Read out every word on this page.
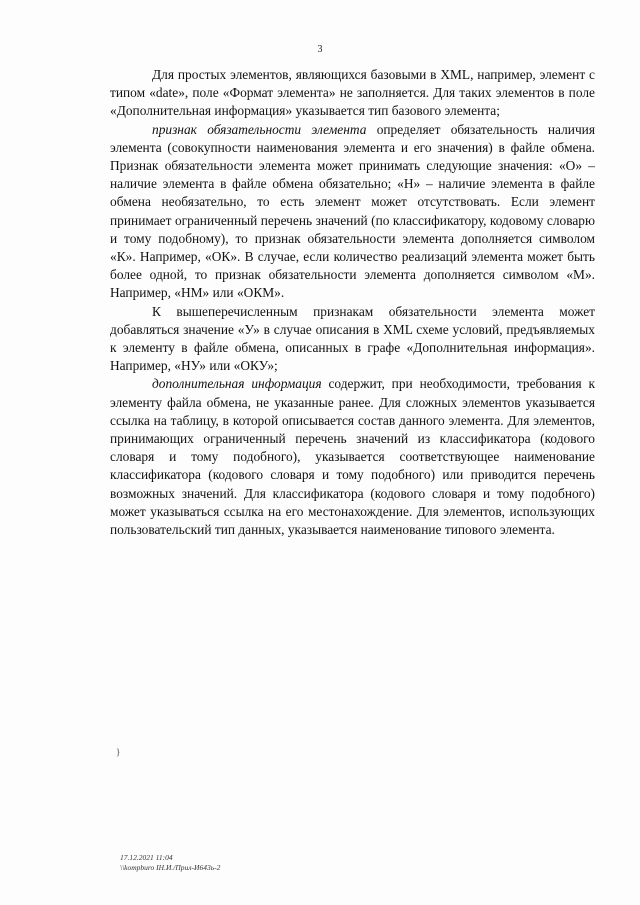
3

Для простых элементов, являющихся базовыми в XML, например, элемент с типом «date», поле «Формат элемента» не заполняется. Для таких элементов в поле «Дополнительная информация» указывается тип базового элемента;

признак обязательности элемента определяет обязательность наличия элемента (совокупности наименования элемента и его значения) в файле обмена. Признак обязательности элемента может принимать следующие значения: «О» – наличие элемента в файле обмена обязательно; «Н» – наличие элемента в файле обмена необязательно, то есть элемент может отсутствовать. Если элемент принимает ограниченный перечень значений (по классификатору, кодовому словарю и тому подобному), то признак обязательности элемента дополняется символом «К». Например, «ОК». В случае, если количество реализаций элемента может быть более одной, то признак обязательности элемента дополняется символом «М». Например, «НМ» или «ОКМ».

К вышеперечисленным признакам обязательности элемента может добавляться значение «У» в случае описания в XML схеме условий, предъявляемых к элементу в файле обмена, описанных в графе «Дополнительная информация». Например, «НУ» или «ОКУ»;

дополнительная информация содержит, при необходимости, требования к элементу файла обмена, не указанные ранее. Для сложных элементов указывается ссылка на таблицу, в которой описывается состав данного элемента. Для элементов, принимающих ограниченный перечень значений из классификатора (кодового словаря и тому подобного), указывается соответствующее наименование классификатора (кодового словаря и тому подобного) или приводится перечень возможных значений. Для классификатора (кодового словаря и тому подобного) может указываться ссылка на его местонахождение. Для элементов, использующих пользовательский тип данных, указывается наименование типового элемента.

}
17.12.2021 11:04
\\kompburo ІН.И./Прил-И643ь-2
